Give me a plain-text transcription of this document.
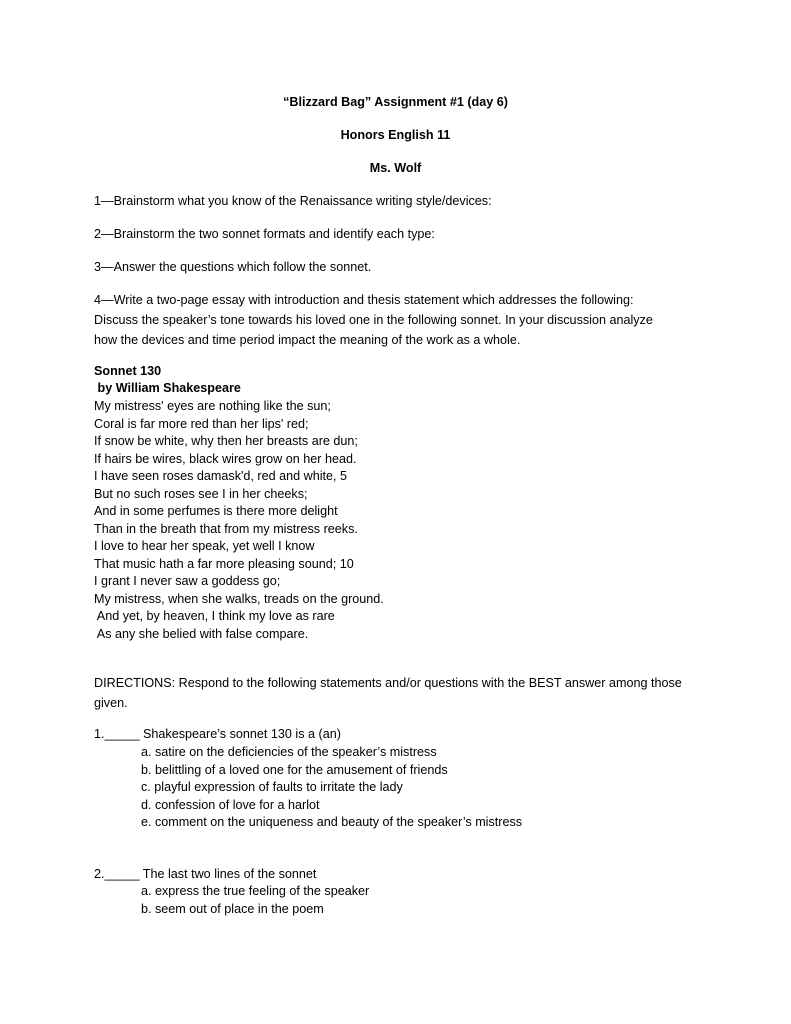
“Blizzard Bag” Assignment #1 (day 6)
Honors English 11
Ms. Wolf
1—Brainstorm what you know of the Renaissance writing style/devices:
2—Brainstorm the two sonnet formats and identify each type:
3—Answer the questions which follow the sonnet.
4—Write a two-page essay with introduction and thesis statement which addresses the following:
Discuss the speaker’s tone towards his loved one in the following sonnet. In your discussion analyze
how the devices and time period impact the meaning of the work as a whole.
Sonnet 130
by William Shakespeare
My mistress' eyes are nothing like the sun;
Coral is far more red than her lips' red;
If snow be white, why then her breasts are dun;
If hairs be wires, black wires grow on her head.
I have seen roses damask'd, red and white, 5
But no such roses see I in her cheeks;
And in some perfumes is there more delight
Than in the breath that from my mistress reeks.
I love to hear her speak, yet well I know
That music hath a far more pleasing sound; 10
I grant I never saw a goddess go;
My mistress, when she walks, treads on the ground.
And yet, by heaven, I think my love as rare
As any she belied with false compare.
DIRECTIONS: Respond to the following statements and/or questions with the BEST answer among those
given.
1._____ Shakespeare’s sonnet 130 is a (an)
a. satire on the deficiencies of the speaker’s mistress
b. belittling of a loved one for the amusement of friends
c. playful expression of faults to irritate the lady
d. confession of love for a harlot
e. comment on the uniqueness and beauty of the speaker’s mistress
2._____ The last two lines of the sonnet
a. express the true feeling of the speaker
b. seem out of place in the poem
